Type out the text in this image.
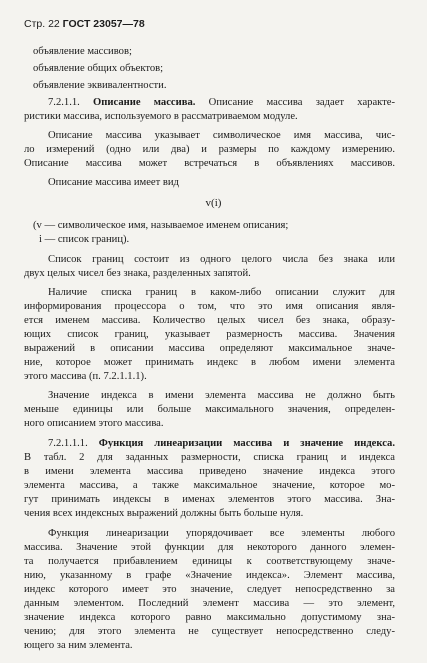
Стр. 22 ГОСТ 23057—78
объявление массивов;
объявление общих объектов;
объявление эквивалентности.
7.2.1.1. Описание массива. Описание массива задает характе-
ристики массива, используемого в рассматриваемом модуле.
Описание массива указывает символическое имя массива, чис-
ло измерений (одно или два) и размеры по каждому измерению.
Описание массива может встречаться в объявлениях массивов.
Описание массива имеет вид
v(i)
(v — символическое имя, называемое именем описания;
i — список границ).
Список границ состоит из одного целого числа без знака или
двух целых чисел без знака, разделенных запятой.
Наличие списка границ в каком-либо описании служит для
информирования процессора о том, что это имя описания явля-
ется именем массива. Количество целых чисел без знака, образу-
ющих список границ, указывает размерность массива. Значения
выражений в описании массива определяют максимальное значе-
ние, которое может принимать индекс в любом имени элемента
этого массива (п. 7.2.1.1.1).
Значение индекса в имени элемента массива не должно быть
меньше единицы или больше максимального значения, определен-
ного описанием этого массива.
7.2.1.1.1. Функция линеаризации массива и значение индекса.
В табл. 2 для заданных размерности, списка границ и индекса
в имени элемента массива приведено значение индекса этого
элемента массива, а также максимальное значение, которое мо-
гут принимать индексы в именах элементов этого массива. Зна-
чения всех индексных выражений должны быть больше нуля.
Функция линеаризации упорядочивает все элементы любого
массива. Значение этой функции для некоторого данного элемен-
та получается прибавлением единицы к соответствующему значе-
нию, указанному в графе «Значение индекса». Элемент массива,
индекс которого имеет это значение, следует непосредственно за
данным элементом. Последний элемент массива — это элемент,
значение индекса которого равно максимально допустимому зна-
чению; для этого элемента не существует непосредственно следу-
ющего за ним элемента.
